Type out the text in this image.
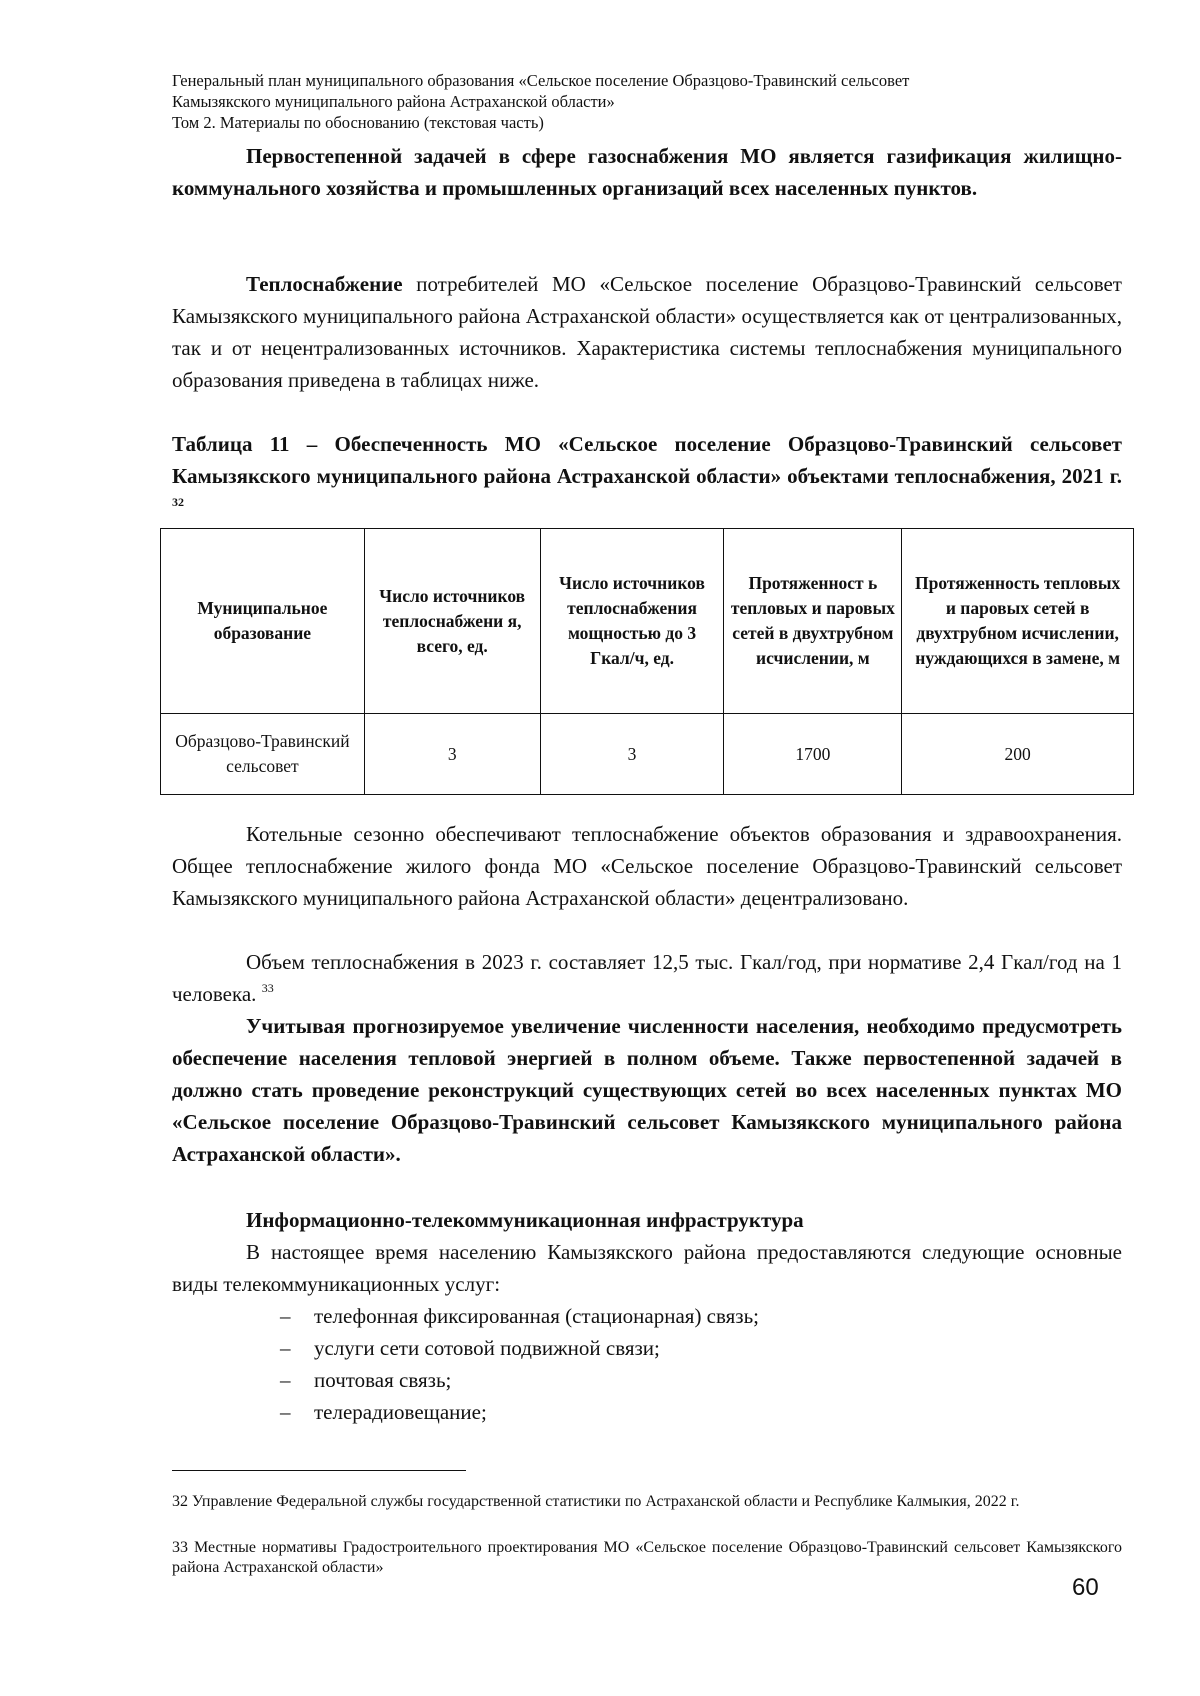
Генеральный план муниципального образования «Сельское поселение Образцово-Травинский сельсовет
Камызякского муниципального района Астраханской области»
Том 2. Материалы по обоснованию (текстовая часть)

Первостепенной задачей в сфере газоснабжения МО является газификация жилищно-коммунального хозяйства и промышленных организаций всех населенных пунктов.

Теплоснабжение потребителей МО «Сельское поселение Образцово-Травинский сельсовет Камызякского муниципального района Астраханской области» осуществляется как от централизованных, так и от нецентрализованных источников. Характеристика системы теплоснабжения муниципального образования приведена в таблицах ниже.

Таблица 11 – Обеспеченность МО «Сельское поселение Образцово-Травинский сельсовет Камызякского муниципального района Астраханской области» объектами теплоснабжения, 2021 г. $^{32}$

Муниципальное образование	Число источников теплоснабжени я, всего, ед.	Число источников теплоснабжения мощностью до 3 Гкал/ч, ед.	Протяженност ь тепловых и паровых сетей в двухтрубном исчислении, м	Протяженность тепловых и паровых сетей в двухтрубном исчислении, нуждающихся в замене, м
Образцово-Травинский сельсовет	3	3	1700	200

Котельные сезонно обеспечивают теплоснабжение объектов образования и здравоохранения. Общее теплоснабжение жилого фонда МО «Сельское поселение Образцово-Травинский сельсовет Камызякского муниципального района Астраханской области» децентрализовано.

Объем теплоснабжения в 2023 г. составляет 12,5 тыс. Гкал/год, при нормативе 2,4 Гкал/год на 1 человека. $^{33}$

Учитывая прогнозируемое увеличение численности населения, необходимо предусмотреть обеспечение населения тепловой энергией в полном объеме. Также первостепенной задачей в должно стать проведение реконструкций существующих сетей во всех населенных пунктах МО «Сельское поселение Образцово-Травинский сельсовет Камызякского муниципального района Астраханской области».

Информационно-телекоммуникационная инфраструктура

В настоящее время населению Камызякского района предоставляются следующие основные виды телекоммуникационных услуг:

– телефонная фиксированная (стационарная) связь;
– услуги сети сотовой подвижной связи;
– почтовая связь;
– телерадиовещание;
32 Управление Федеральной службы государственной статистики по Астраханской области и Республике Калмыкия, 2022 г.
33 Местные нормативы Градостроительного проектирования МО «Сельское поселение Образцово-Травинский сельсовет Камызякского района Астраханской области»
60
